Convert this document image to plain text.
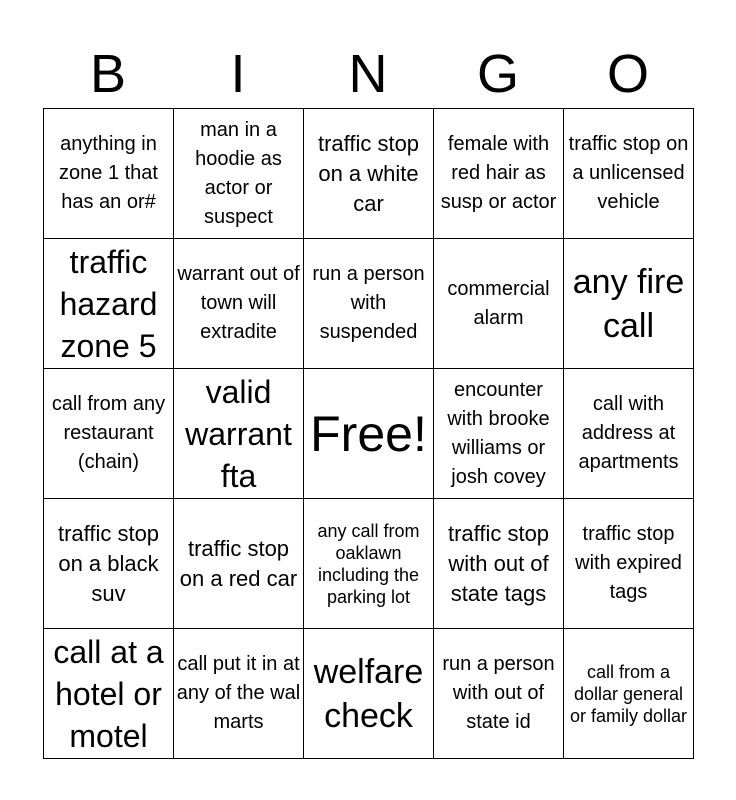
B	I	N	G	O
anything in zone 1 that has an or#	man in a hoodie as actor or suspect	traffic stop on a white car	female with red hair as susp or actor	traffic stop on a unlicensed vehicle

traffic hazard zone 5	warrant out of town will extradite	run a person with suspended	commercial alarm	any fire call

call from any restaurant (chain)	valid warrant fta	Free!	encounter with brooke williams or josh covey	call with address at apartments

traffic stop on a black suv	traffic stop on a red car	any call from oaklawn including the parking lot	traffic stop with out of state tags	traffic stop with expired tags

call at a hotel or motel	call put it in at any of the wal marts	welfare check	run a person with out of state id	call from a dollar general or family dollar
